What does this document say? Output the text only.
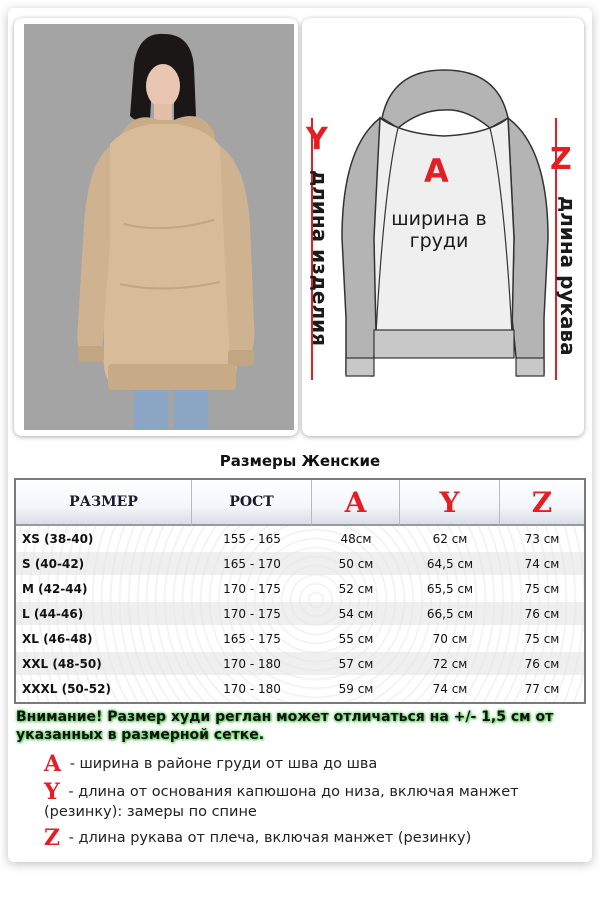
Y
A	Z
ширина в груди
длина изделия	длина рукава
Размеры Женские
РАЗМЕР	РОСТ	A	Y	Z
XS (38-40)	155 - 165	48см	62 см	73 см
S (40-42)	165 - 170	50 см	64,5 см	74 см
M (42-44)	170 - 175	52 см	65,5 см	75 см
L (44-46)	170 - 175	54 см	66,5 см	76 см
XL (46-48)	165 - 175	55 см	70 см	75 см
XXL (48-50)	170 - 180	57 см	72 см	76 см
XXXL (50-52)	170 - 180	59 см	74 см	77 см
Внимание! Размер худи реглан может отличаться на +/- 1,5 см от указанных в размерной сетке.
A - ширина в районе груди от шва до шва
Y - длина от основания капюшона до низа, включая манжет (резинку): замеры по спине
Z - длина рукава от плеча, включая манжет (резинку)
